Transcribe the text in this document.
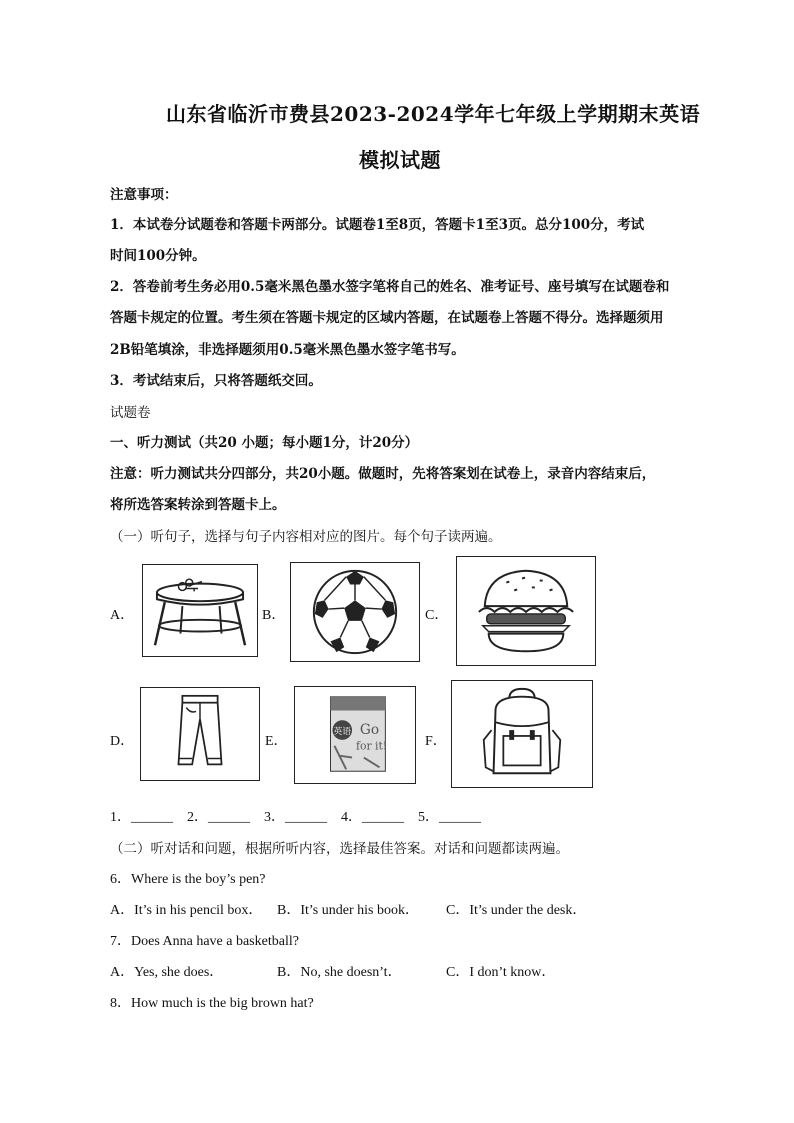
山东省临沂市费县2023-2024学年七年级上学期期末英语
模拟试题
注意事项：
1．本试卷分试题卷和答题卡两部分。试题卷1至8页，答题卡1至3页。总分100分，考试
时间100分钟。
2．答卷前考生务必用0.5毫米黑色墨水签字笔将自己的姓名、准考证号、座号填写在试题卷和
答题卡规定的位置。考生须在答题卡规定的区域内答题，在试题卷上答题不得分。选择题须用
2B铅笔填涂，非选择题须用0.5毫米黑色墨水签字笔书写。
3．考试结束后，只将答题纸交回。
试题卷
一、听力测试（共20 小题；每小题1分，计20分）
注意：听力测试共分四部分，共20小题。做题时，先将答案划在试卷上，录音内容结束后，
将所选答案转涂到答题卡上。
（一）听句子，选择与句子内容相对应的图片。每个句子读两遍。
A．	B．	C．
D．	E．
英语 Go
for it!	F．
1．______ 2．______ 3．______ 4．______ 5．______
（二）听对话和问题，根据所听内容，选择最佳答案。对话和问题都读两遍。
6．Where is the boy’s pen?
A．It’s in his pencil box． B．It’s under his book． C．It’s under the desk．
7．Does Anna have a basketball?
A．Yes, she does．	B．No, she doesn’t．	C．I don’t know．
8．How much is the big brown hat?
